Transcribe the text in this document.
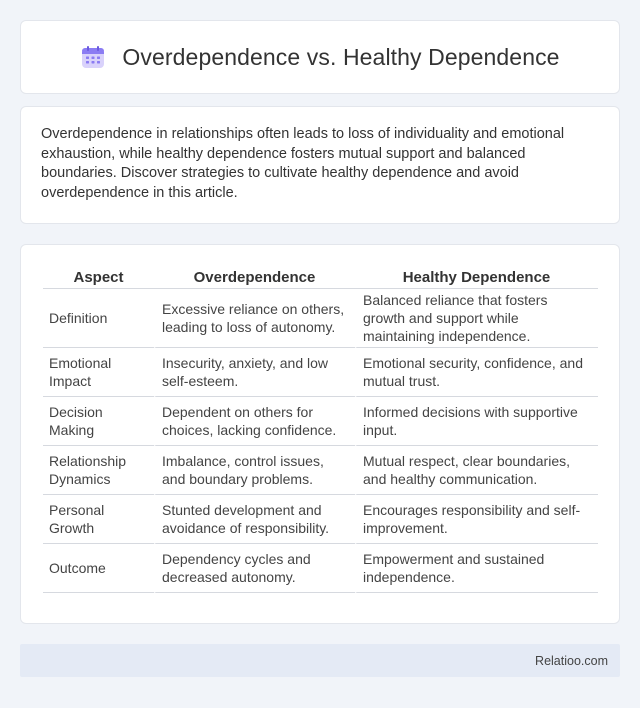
Overdependence vs. Healthy Dependence

Overdependence in relationships often leads to loss of individuality and emotional exhaustion, while healthy dependence fosters mutual support and balanced boundaries. Discover strategies to cultivate healthy dependence and avoid overdependence in this article.

Aspect	Overdependence	Healthy Dependence
Definition	Excessive reliance on others, leading to loss of autonomy.	Balanced reliance that fosters growth and support while maintaining independence.
Emotional Impact	Insecurity, anxiety, and low self-esteem.	Emotional security, confidence, and mutual trust.
Decision Making	Dependent on others for choices, lacking confidence.	Informed decisions with supportive input.
Relationship Dynamics	Imbalance, control issues, and boundary problems.	Mutual respect, clear boundaries, and healthy communication.
Personal Growth	Stunted development and avoidance of responsibility.	Encourages responsibility and self-improvement.
Outcome	Dependency cycles and decreased autonomy.	Empowerment and sustained independence.
Relatioo.com
